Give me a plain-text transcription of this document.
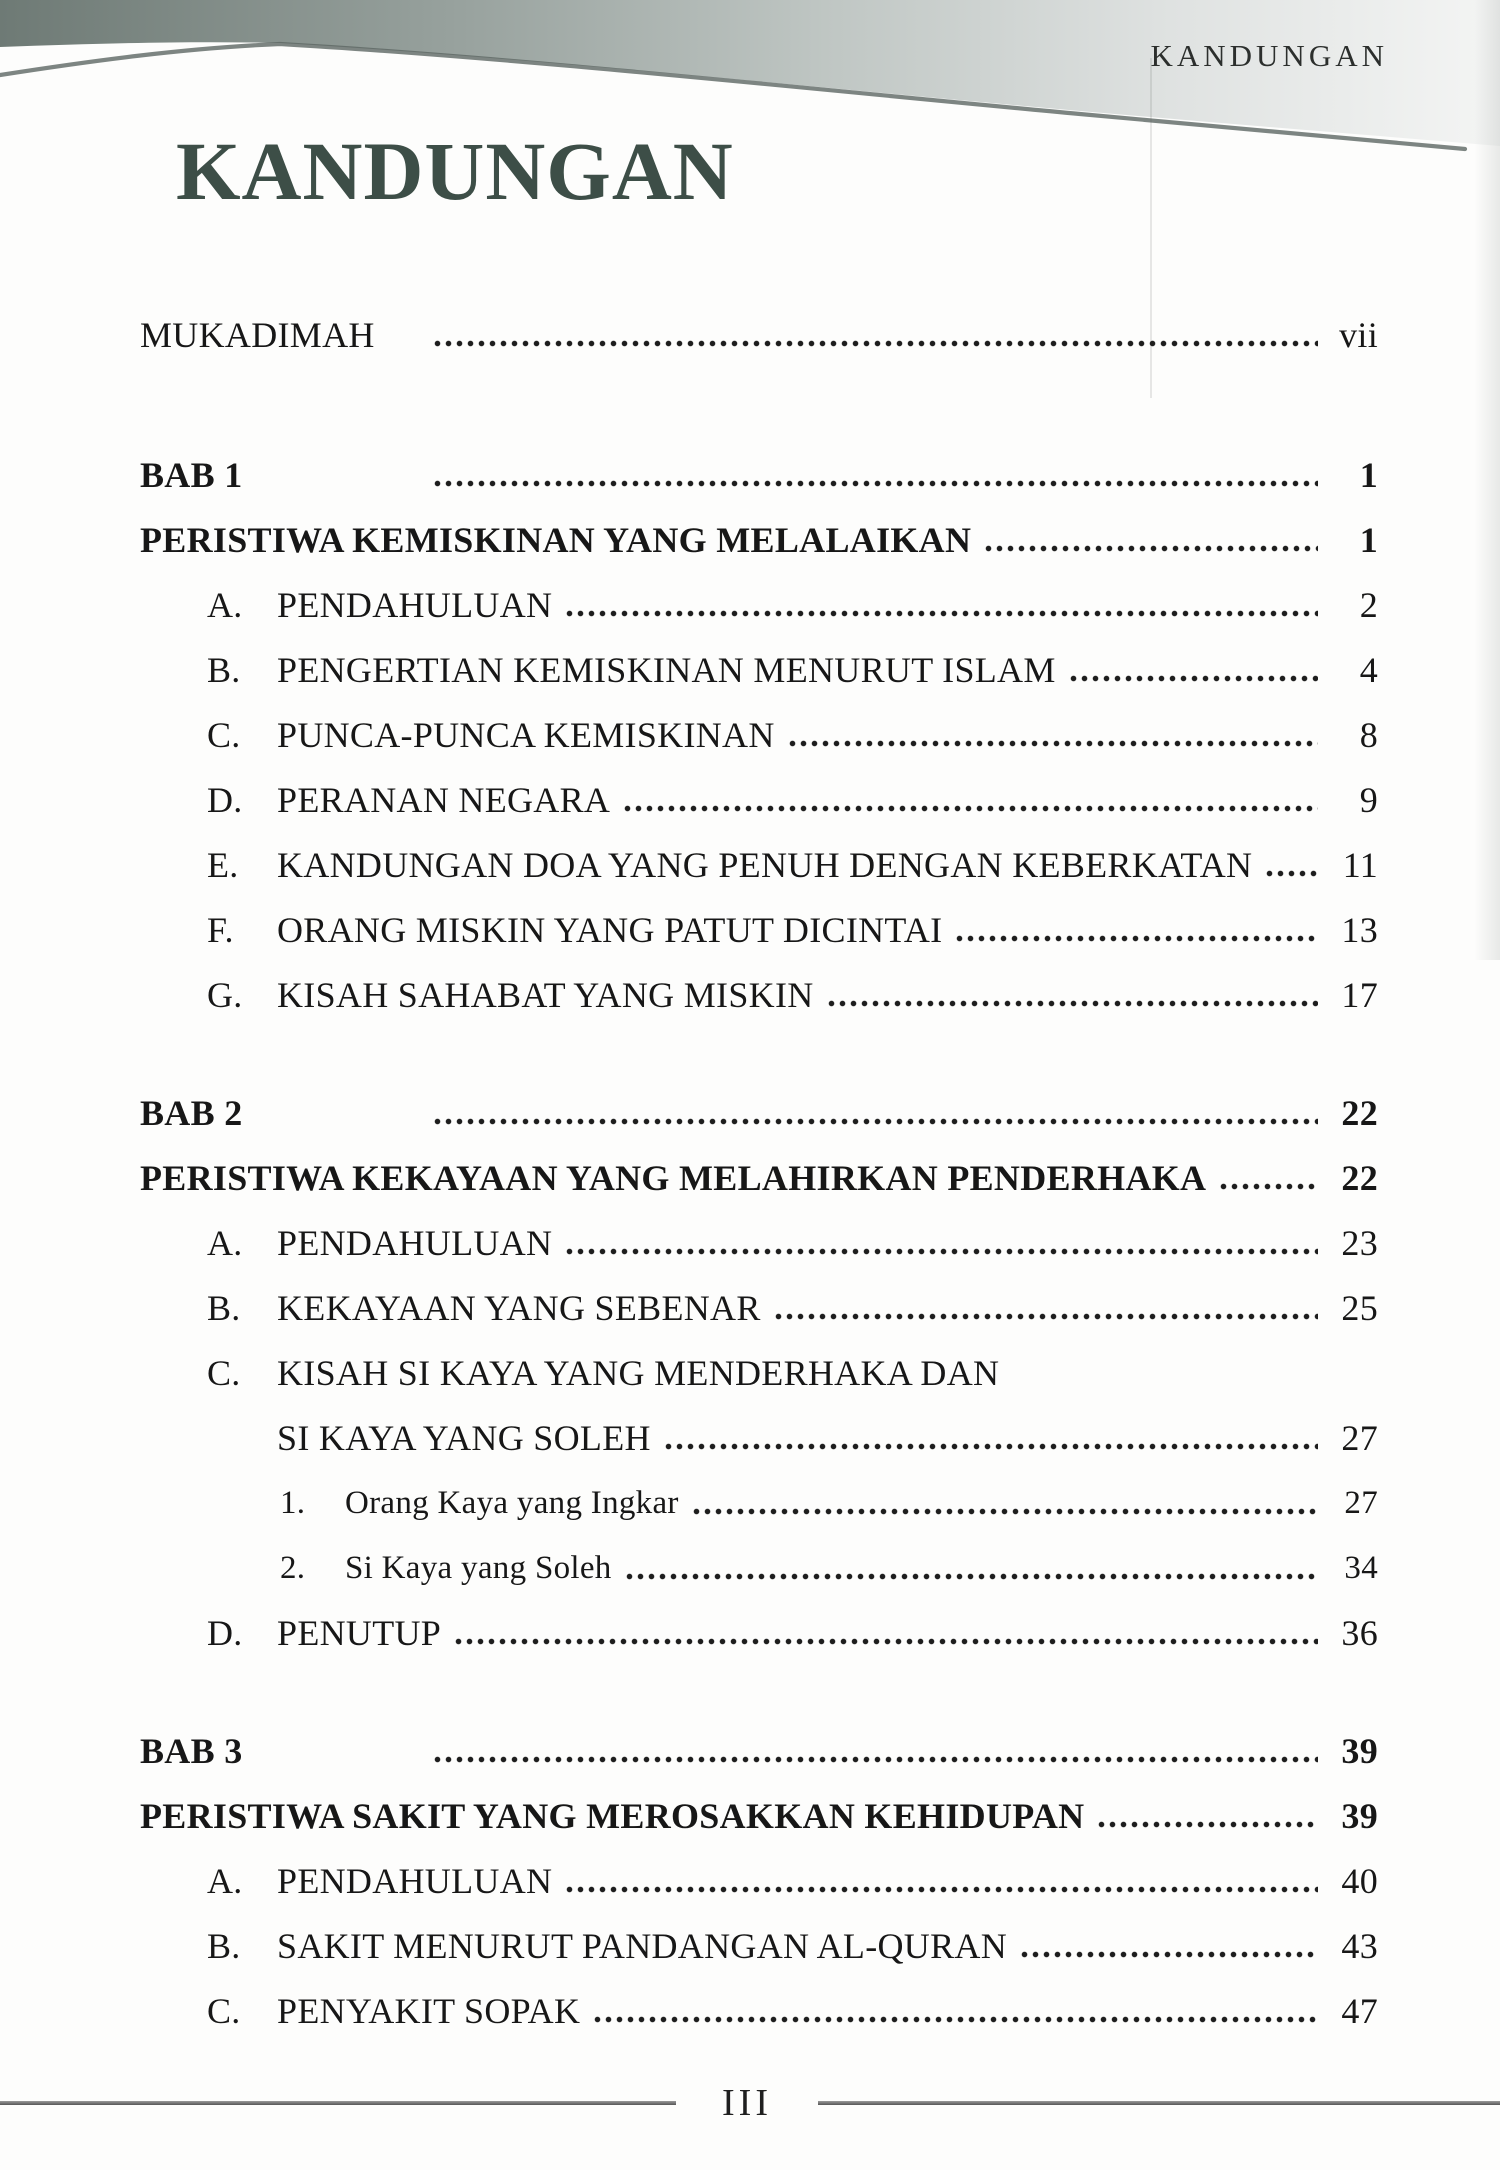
KANDUNGAN
KANDUNGAN
MUKADIMAH	vii
BAB 1	1
PERISTIWA KEMISKINAN YANG MELALAIKAN	1
A. PENDAHULUAN	2
B.	PENGERTIAN KEMISKINAN MENURUT ISLAM	4
C.	PUNCA-PUNCA KEMISKINAN	8
D. PERANAN NEGARA	9
E.	KANDUNGAN DOA YANG PENUH DENGAN KEBERKATAN	11
F.	ORANG MISKIN YANG PATUT DICINTAI	13
G. KISAH SAHABAT YANG MISKIN	17
BAB 2	22
PERISTIWA KEKAYAAN YANG MELAHIRKAN PENDERHAKA	22
A. PENDAHULUAN	23
B.	KEKAYAAN YANG SEBENAR	25
C.	KISAH SI KAYA YANG MENDERHAKA DAN
SI KAYA YANG SOLEH	27
1.	Orang Kaya yang Ingkar	27
2.	Si Kaya yang Soleh	34
D. PENUTUP	36
BAB 3	39
PERISTIWA SAKIT YANG MEROSAKKAN KEHIDUPAN	39
A. PENDAHULUAN	40
B.	SAKIT MENURUT PANDANGAN AL-QURAN	43
C.	PENYAKIT SOPAK	47
III
